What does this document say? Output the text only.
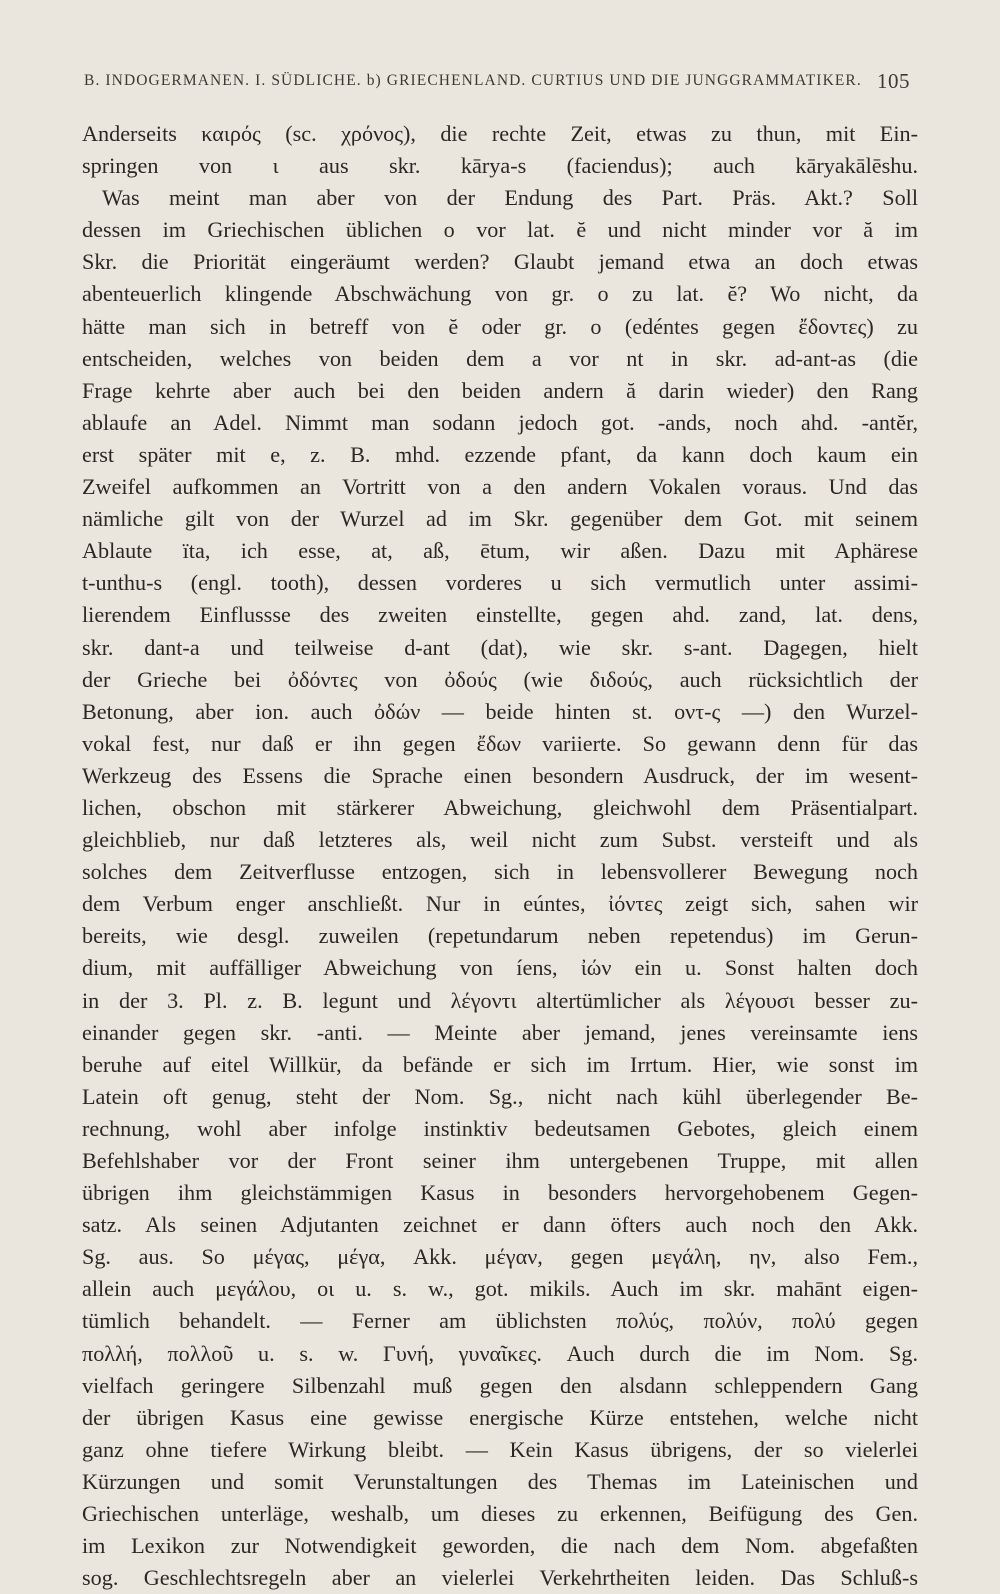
B. INDOGERMANEN. I. SÜDLICHE. b) GRIECHENLAND. CURTIUS UND DIE JUNGGRAMMATIKER. 105
Anderseits καιρός (sc. χρόνος), die rechte Zeit, etwas zu thun, mit Ein-
springen von ι aus skr. kārya-s (faciendus); auch kāryakālēshu.
Was meint man aber von der Endung des Part. Präs. Akt.? Soll
dessen im Griechischen üblichen o vor lat. ĕ und nicht minder vor ă im
Skr. die Priorität eingeräumt werden? Glaubt jemand etwa an doch etwas
abenteuerlich klingende Abschwächung von gr. o zu lat. ĕ? Wo nicht, da
hätte man sich in betreff von ĕ oder gr. o (edéntes gegen ἔδοντες) zu
entscheiden, welches von beiden dem a vor nt in skr. ad-ant-as (die
Frage kehrte aber auch bei den beiden andern ă darin wieder) den Rang
ablaufe an Adel. Nimmt man sodann jedoch got. -ands, noch ahd. -antĕr,
erst später mit e, z. B. mhd. ezzende pfant, da kann doch kaum ein
Zweifel aufkommen an Vortritt von a den andern Vokalen voraus. Und das
nämliche gilt von der Wurzel ad im Skr. gegenüber dem Got. mit seinem
Ablaute ïta, ich esse, at, aß, ētum, wir aßen. Dazu mit Aphärese
t-unthu-s (engl. tooth), dessen vorderes u sich vermutlich unter assimi-
lierendem Einflussse des zweiten einstellte, gegen ahd. zand, lat. dens,
skr. dant-a und teilweise d-ant (dat), wie skr. s-ant. Dagegen, hielt
der Grieche bei ὀδόντες von ὀδούς (wie διδούς, auch rücksichtlich der
Betonung, aber ion. auch ὀδών — beide hinten st. οντ-ς —) den Wurzel-
vokal fest, nur daß er ihn gegen ἔδων variierte. So gewann denn für das
Werkzeug des Essens die Sprache einen besondern Ausdruck, der im wesent-
lichen, obschon mit stärkerer Abweichung, gleichwohl dem Präsentialpart.
gleichblieb, nur daß letzteres als, weil nicht zum Subst. versteift und als
solches dem Zeitverflusse entzogen, sich in lebensvollerer Bewegung noch
dem Verbum enger anschließt. Nur in eúntes, ἰόντες zeigt sich, sahen wir
bereits, wie desgl. zuweilen (repetundarum neben repetendus) im Gerun-
dium, mit auffälliger Abweichung von íens, ἰών ein u. Sonst halten doch
in der 3. Pl. z. B. legunt und λέγοντι altertümlicher als λέγουσι besser zu-
einander gegen skr. -anti. — Meinte aber jemand, jenes vereinsamte iens
beruhe auf eitel Willkür, da befände er sich im Irrtum. Hier, wie sonst im
Latein oft genug, steht der Nom. Sg., nicht nach kühl überlegender Be-
rechnung, wohl aber infolge instinktiv bedeutsamen Gebotes, gleich einem
Befehlshaber vor der Front seiner ihm untergebenen Truppe, mit allen
übrigen ihm gleichstämmigen Kasus in besonders hervorgehobenem Gegen-
satz. Als seinen Adjutanten zeichnet er dann öfters auch noch den Akk.
Sg. aus. So μέγας, μέγα, Akk. μέγαν, gegen μεγάλη, ην, also Fem.,
allein auch μεγάλου, οι u. s. w., got. mikils. Auch im skr. mahānt eigen-
tümlich behandelt. — Ferner am üblichsten πολύς, πολύν, πολύ gegen
πολλή, πολλοῦ u. s. w. Γυνή, γυναῖκες. Auch durch die im Nom. Sg.
vielfach geringere Silbenzahl muß gegen den alsdann schleppendern Gang
der übrigen Kasus eine gewisse energische Kürze entstehen, welche nicht
ganz ohne tiefere Wirkung bleibt. — Kein Kasus übrigens, der so vielerlei
Kürzungen und somit Verunstaltungen des Themas im Lateinischen und
Griechischen unterläge, weshalb, um dieses zu erkennen, Beifügung des Gen.
im Lexikon zur Notwendigkeit geworden, die nach dem Nom. abgefaßten
sog. Geschlechtsregeln aber an vielerlei Verkehrtheiten leiden. Das Schluß-s
